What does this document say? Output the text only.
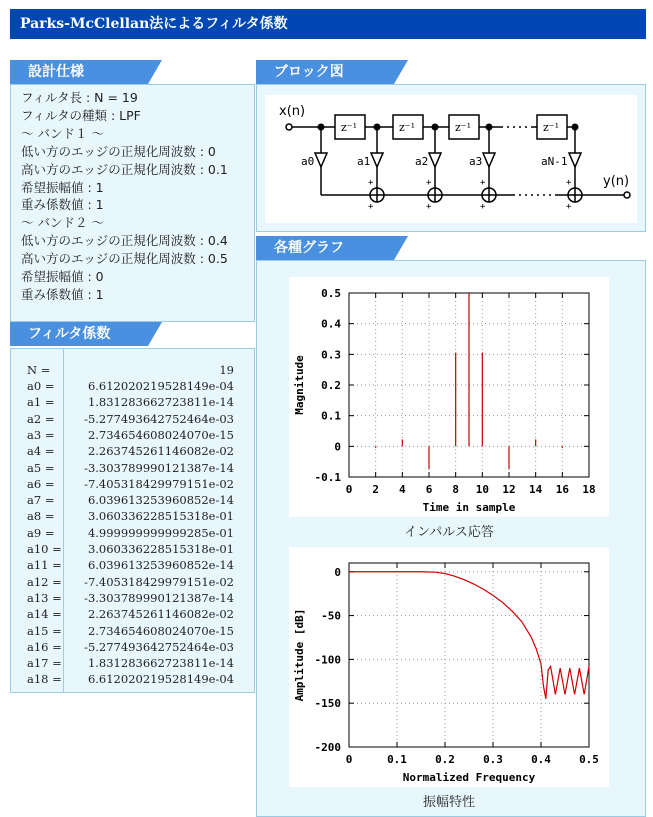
Parks-McClellan法によるフィルタ係数
設計仕様
フィルタ長 : N = 19
フィルタの種類 : LPF
～ バンド１ ～
低い方のエッジの正規化周波数 : 0
高い方のエッジの正規化周波数 : 0.1
希望振幅値 : 1
重み係数値 : 1
～ バンド２ ～
低い方のエッジの正規化周波数 : 0.4
高い方のエッジの正規化周波数 : 0.5
希望振幅値 : 0
重み係数値 : 1
フィルタ係数
N =	19
a0 =	6.612020219528149e-04
a1 =	1.831283662723811e-14
a2 =	-5.277493642752464e-03
a3 =	2.734654608024070e-15
a4 =	2.263745261146082e-02
a5 =	-3.303789990121387e-14
a6 =	-7.405318429979151e-02
a7 =	6.039613253960852e-14
a8 =	3.060336228515318e-01
a9 =	4.999999999999285e-01
a10 =	3.060336228515318e-01
a11 =	6.039613253960852e-14
a12 =	-7.405318429979151e-02
a13 =	-3.303789990121387e-14
a14 =	2.263745261146082e-02
a15 =	2.734654608024070e-15
a16 =	-5.277493642752464e-03
a17 =	1.831283662723811e-14
a18 =	6.612020219528149e-04
ブロック図
z⁻¹	z⁻¹	z⁻¹	z⁻¹
x(n)
y(n)
a0	a1	a2	a3	aN-1
+
+
+
+
+
+
+
+
各種グラフ
0 2 4 6 8 10 12 14 16 18
0.5
0.4
0.3
0.2
0.1
0
-0.1
Time in sample
Magnitude
インパルス応答
0	0.1	0.2	0.3	0.4	0.5
0
-50
-100
-150
-200
Normalized Frequency
Amplitude [dB]
振幅特性
